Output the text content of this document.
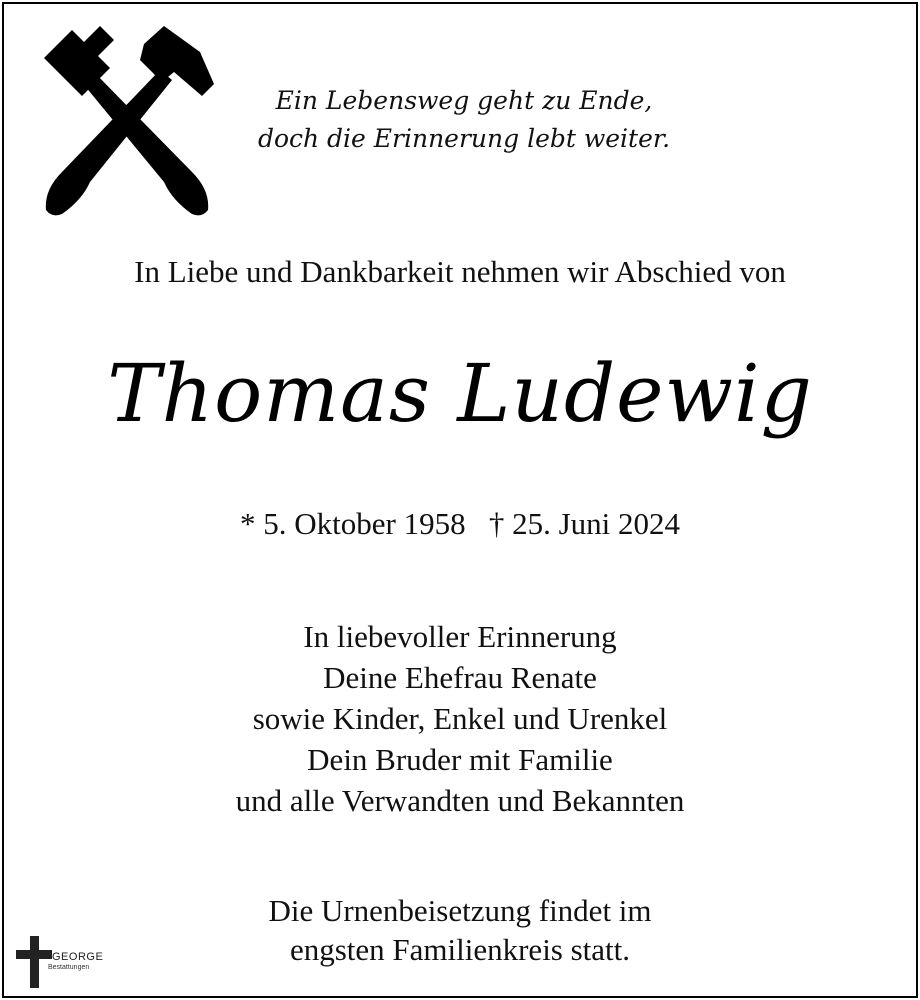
Ein Lebensweg geht zu Ende,
doch die Erinnerung lebt weiter.
In Liebe und Dankbarkeit nehmen wir Abschied von
Thomas Ludewig
* 5. Oktober 1958 † 25. Juni 2024
In liebevoller Erinnerung
Deine Ehefrau Renate
sowie Kinder, Enkel und Urenkel
Dein Bruder mit Familie
und alle Verwandten und Bekannten
Die Urnenbeisetzung findet im
engsten Familienkreis statt.
GEORGE
Bestattungen
